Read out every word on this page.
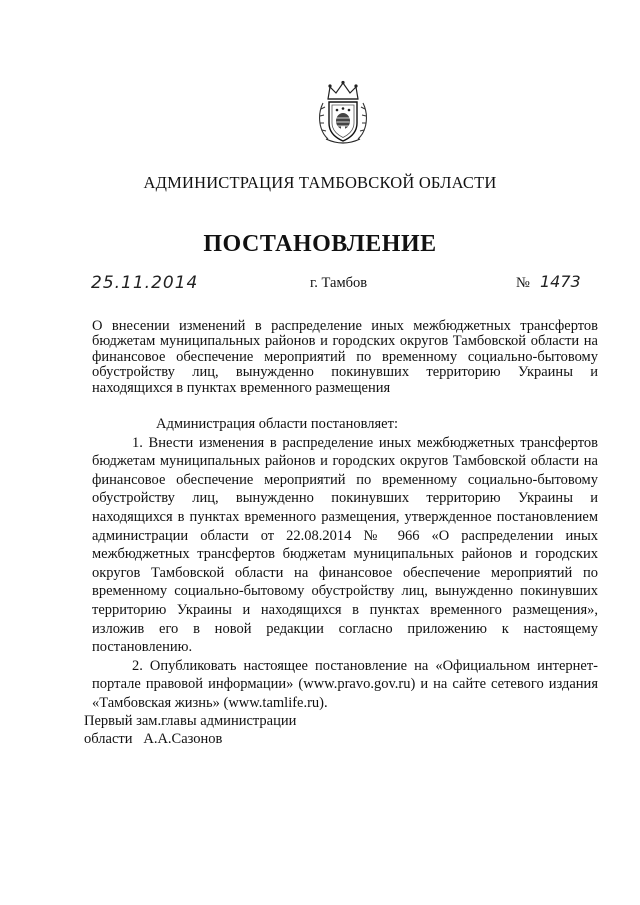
АДМИНИСТРАЦИЯ ТАМБОВСКОЙ ОБЛАСТИ
ПОСТАНОВЛЕНИЕ
25.11.2014	г. Тамбов	№ 1473
О внесении изменений в распределение иных межбюджетных трансфертов бюджетам муниципальных районов и городских округов Тамбовской области на финансовое обеспечение мероприятий по временному социально-бытовому обустройству лиц, вынужденно покинувших территорию Украины и находящихся в пунктах временного размещения

Администрация области постановляет:

1. Внести изменения в распределение иных межбюджетных трансфертов бюджетам муниципальных районов и городских округов Тамбовской области на финансовое обеспечение мероприятий по временному социально-бытовому обустройству лиц, вынужденно покинувших территорию Украины и находящихся в пунктах временного размещения, утвержденное постановлением администрации области от 22.08.2014 № 966 «О распределении иных межбюджетных трансфертов бюджетам муниципальных районов и городских округов Тамбовской области на финансовое обеспечение мероприятий по временному социально-бытовому обустройству лиц, вынужденно покинувших территорию Украины и находящихся в пунктах временного размещения», изложив его в новой редакции согласно приложению к настоящему постановлению.

2. Опубликовать настоящее постановление на «Официальном интернет-портале правовой информации» (www.pravo.gov.ru) и на сайте сетевого издания «Тамбовская жизнь» (www.tamlife.ru).

Первый зам.главы администрации
области   А.А.Сазонов
